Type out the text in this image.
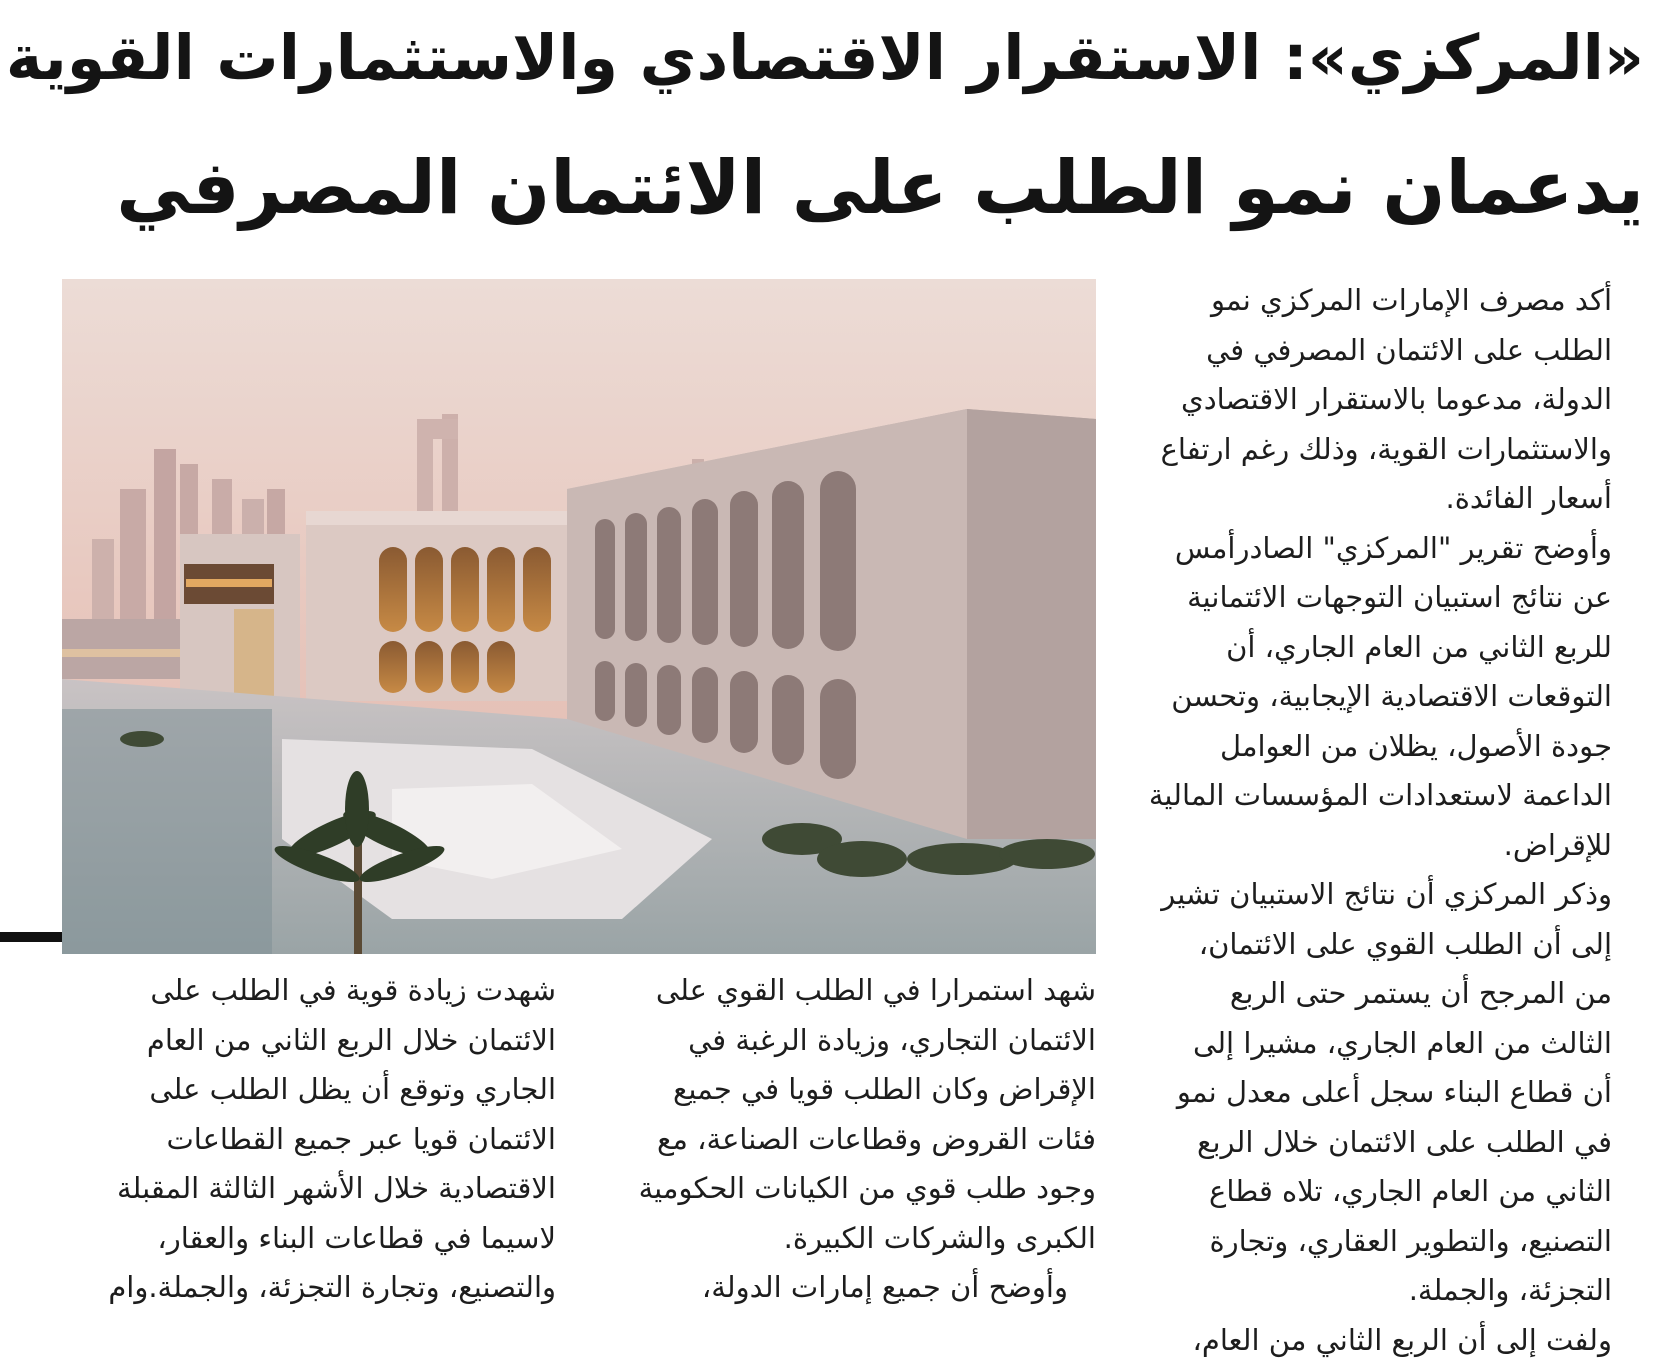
«المركزي»: الاستقرار الاقتصادي والاستثمارات القوية
يدعمان نمو الطلب على الائتمان المصرفي

أكد مصرف الإمارات المركزي نمو
الطلب على الائتمان المصرفي في
الدولة، مدعوما بالاستقرار الاقتصادي
والاستثمارات القوية، وذلك رغم ارتفاع
أسعار الفائدة.

وأوضح تقرير "المركزي" الصادرأمس
عن نتائج استبيان التوجهات الائتمانية
للربع الثاني من العام الجاري، أن
التوقعات الاقتصادية الإيجابية، وتحسن
جودة الأصول، يظلان من العوامل
الداعمة لاستعدادات المؤسسات المالية
للإقراض.

وذكر المركزي أن نتائج الاستبيان تشير
إلى أن الطلب القوي على الائتمان،
من المرجح أن يستمر حتى الربع
الثالث من العام الجاري، مشيرا إلى
أن قطاع البناء سجل أعلى معدل نمو
في الطلب على الائتمان خلال الربع
الثاني من العام الجاري، تلاه قطاع
التصنيع، والتطوير العقاري، وتجارة
التجزئة، والجملة.

ولفت إلى أن الربع الثاني من العام،

شهد استمرارا في الطلب القوي على
الائتمان التجاري، وزيادة الرغبة في
الإقراض وكان الطلب قويا في جميع
فئات القروض وقطاعات الصناعة، مع
وجود طلب قوي من الكيانات الحكومية
الكبرى والشركات الكبيرة.

وأوضح أن جميع إمارات الدولة،

شهدت زيادة قوية في الطلب على
الائتمان خلال الربع الثاني من العام
الجاري وتوقع أن يظل الطلب على
الائتمان قويا عبر جميع القطاعات
الاقتصادية خلال الأشهر الثالثة المقبلة
لاسيما في قطاعات البناء والعقار،
والتصنيع، وتجارة التجزئة، والجملة.وام
